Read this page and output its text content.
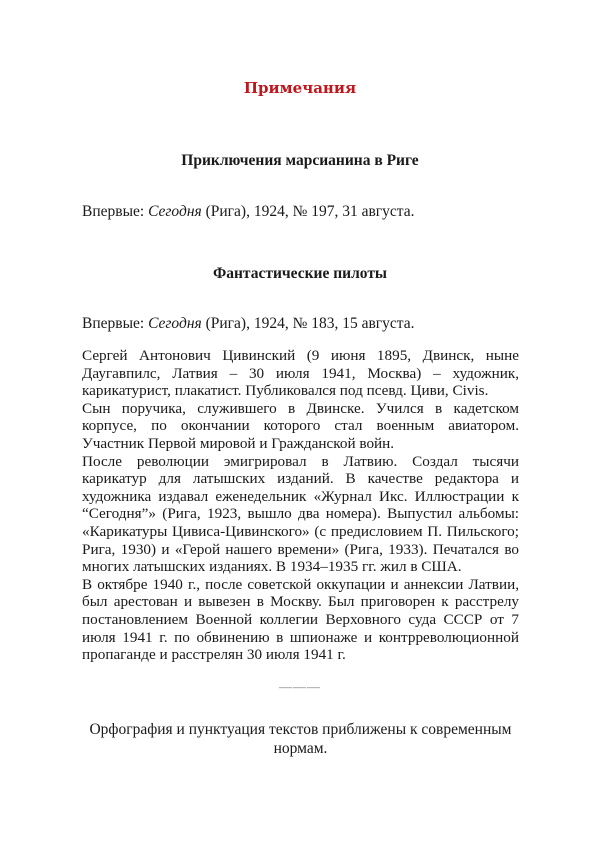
Примечания
Приключения марсианина в Риге

Впервые: Сегодня (Рига), 1924, № 197, 31 августа.

Фантастические пилоты

Впервые: Сегодня (Рига), 1924, № 183, 15 августа.

Сергей Антонович Цивинский (9 июня 1895, Двинск, ныне Даугавпилс, Латвия – 30 июля 1941, Москва) – художник, карикатурист, плакатист. Публиковался под псевд. Циви, Civis.

Сын поручика, служившего в Двинске. Учился в кадетском корпусе, по окончании которого стал военным авиатором. Участник Первой мировой и Гражданской войн.

После революции эмигрировал в Латвию. Создал тысячи карикатур для латышских изданий. В качестве редактора и художника издавал еженедельник «Журнал Икс. Иллюстрации к “Сегодня”» (Рига, 1923, вышло два номера). Выпустил альбомы: «Карикатуры Цивиса-Цивинского» (с предисловием П. Пильского; Рига, 1930) и «Герой нашего времени» (Рига, 1933). Печатался во многих латышских изданиях. В 1934–1935 гг. жил в США.

В октябре 1940 г., после советской оккупации и аннексии Латвии, был арестован и вывезен в Москву. Был приговорен к расстрелу постановлением Военной коллегии Верховного суда СССР от 7 июля 1941 г. по обвинению в шпионаже и контрреволюционной пропаганде и расстрелян 30 июля 1941 г.

———

Орфография и пунктуация текстов приближены к современным нормам.
